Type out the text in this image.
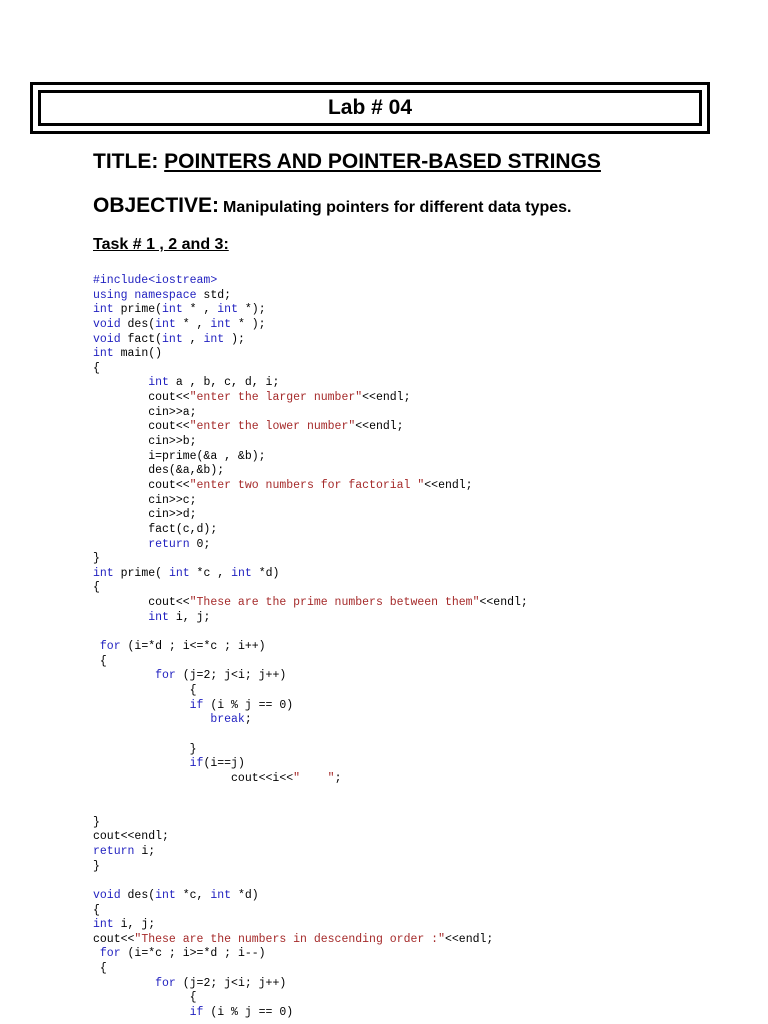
Lab # 04
TITLE: POINTERS AND POINTER-BASED STRINGS
OBJECTIVE: Manipulating pointers for different data types.
Task # 1 , 2 and 3:
#include<iostream>
using namespace std;
int prime(int * , int *);
void des(int * , int * );
void fact(int , int );
int main()
{
int a , b, c, d, i;
cout<<"enter the larger number"<<endl;
cin>>a;
cout<<"enter the lower number"<<endl;
cin>>b;
i=prime(&a , &b);
des(&a,&b);
cout<<"enter two numbers for factorial "<<endl;
cin>>c;
cin>>d;
fact(c,d);
return 0;
}
int prime( int *c , int *d)
{
cout<<"These are the prime numbers between them"<<endl;
int i, j;
for (i=*d ; i<=*c ; i++)
{
for (j=2; j<i; j++)
{
if (i % j == 0)
break;
}
if(i==j)
cout<<i<<"    ";
}
cout<<endl;
return i;
}
void des(int *c, int *d)
{
int i, j;
cout<<"These are the numbers in descending order :"<<endl;
for (i=*c ; i>=*d ; i--)
{
for (j=2; j<i; j++)
{
if (i % j == 0)
